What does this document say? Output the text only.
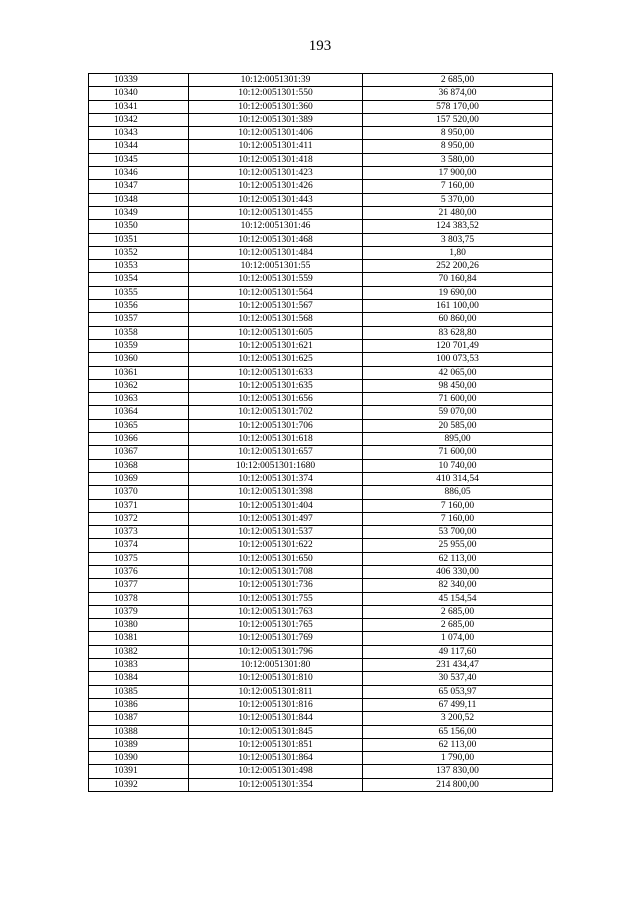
193
10339	10:12:0051301:39	2 685,00
10340	10:12:0051301:550	36 874,00
10341	10:12:0051301:360	578 170,00
10342	10:12:0051301:389	157 520,00
10343	10:12:0051301:406	8 950,00
10344	10:12:0051301:411	8 950,00
10345	10:12:0051301:418	3 580,00
10346	10:12:0051301:423	17 900,00
10347	10:12:0051301:426	7 160,00
10348	10:12:0051301:443	5 370,00
10349	10:12:0051301:455	21 480,00
10350	10:12:0051301:46	124 383,52
10351	10:12:0051301:468	3 803,75
10352	10:12:0051301:484	1,80
10353	10:12:0051301:55	252 200,26
10354	10:12:0051301:559	70 160,84
10355	10:12:0051301:564	19 690,00
10356	10:12:0051301:567	161 100,00
10357	10:12:0051301:568	60 860,00
10358	10:12:0051301:605	83 628,80
10359	10:12:0051301:621	120 701,49
10360	10:12:0051301:625	100 073,53
10361	10:12:0051301:633	42 065,00
10362	10:12:0051301:635	98 450,00
10363	10:12:0051301:656	71 600,00
10364	10:12:0051301:702	59 070,00
10365	10:12:0051301:706	20 585,00
10366	10:12:0051301:618	895,00
10367	10:12:0051301:657	71 600,00
10368	10:12:0051301:1680	10 740,00
10369	10:12:0051301:374	410 314,54
10370	10:12:0051301:398	886,05
10371	10:12:0051301:404	7 160,00
10372	10:12:0051301:497	7 160,00
10373	10:12:0051301:537	53 700,00
10374	10:12:0051301:622	25 955,00
10375	10:12:0051301:650	62 113,00
10376	10:12:0051301:708	406 330,00
10377	10:12:0051301:736	82 340,00
10378	10:12:0051301:755	45 154,54
10379	10:12:0051301:763	2 685,00
10380	10:12:0051301:765	2 685,00
10381	10:12:0051301:769	1 074,00
10382	10:12:0051301:796	49 117,60
10383	10:12:0051301:80	231 434,47
10384	10:12:0051301:810	30 537,40
10385	10:12:0051301:811	65 053,97
10386	10:12:0051301:816	67 499,11
10387	10:12:0051301:844	3 200,52
10388	10:12:0051301:845	65 156,00
10389	10:12:0051301:851	62 113,00
10390	10:12:0051301:864	1 790,00
10391	10:12:0051301:498	137 830,00
10392	10:12:0051301:354	214 800,00
